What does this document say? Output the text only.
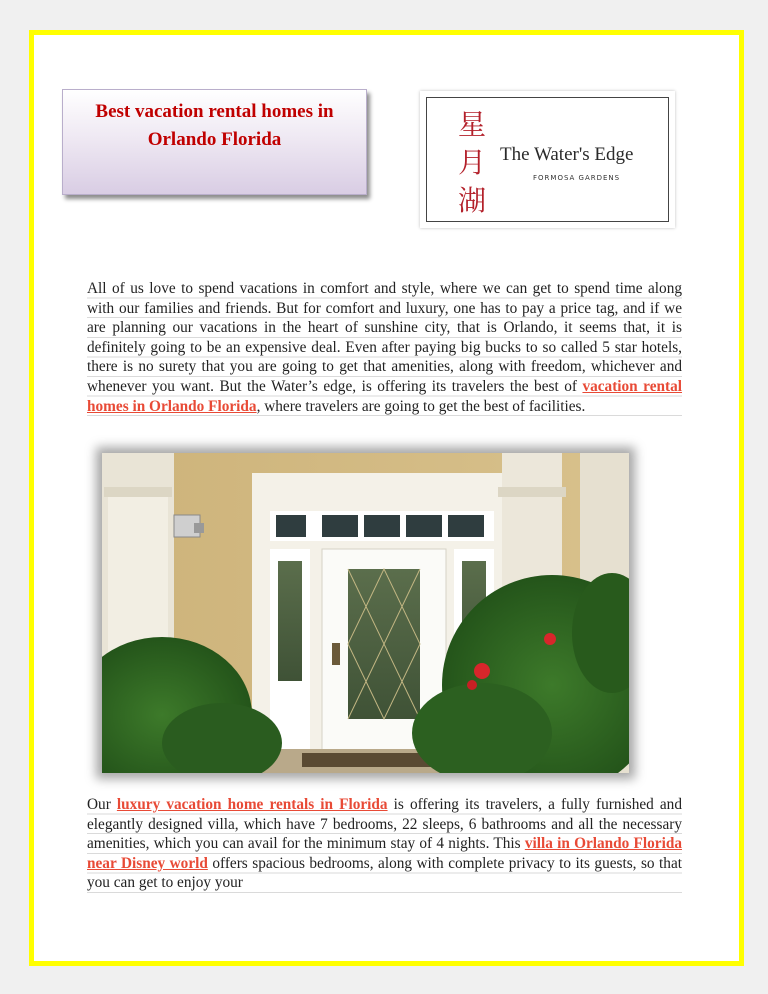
Best vacation rental homes in
Orlando Florida	星
月
湖
The Water's Edge
FORMOSA GARDENS
All of us love to spend vacations in comfort and style, where we can get to spend time along with our families and friends. But for comfort and luxury, one has to pay a price tag, and if we are planning our vacations in the heart of sunshine city, that is Orlando, it seems that, it is definitely going to be an expensive deal. Even after paying big bucks to so called 5 star hotels, there is no surety that you are going to get that amenities, along with freedom, whichever and whenever you want. But the Water’s edge, is offering its travelers the best of vacation rental homes in Orlando Florida, where travelers are going to get the best of facilities.
Our luxury vacation home rentals in Florida is offering its travelers, a fully furnished and elegantly designed villa, which have 7 bedrooms, 22 sleeps, 6 bathrooms and all the necessary amenities, which you can avail for the minimum stay of 4 nights. This villa in Orlando Florida near Disney world offers spacious bedrooms, along with complete privacy to its guests, so that you can get to enjoy your
